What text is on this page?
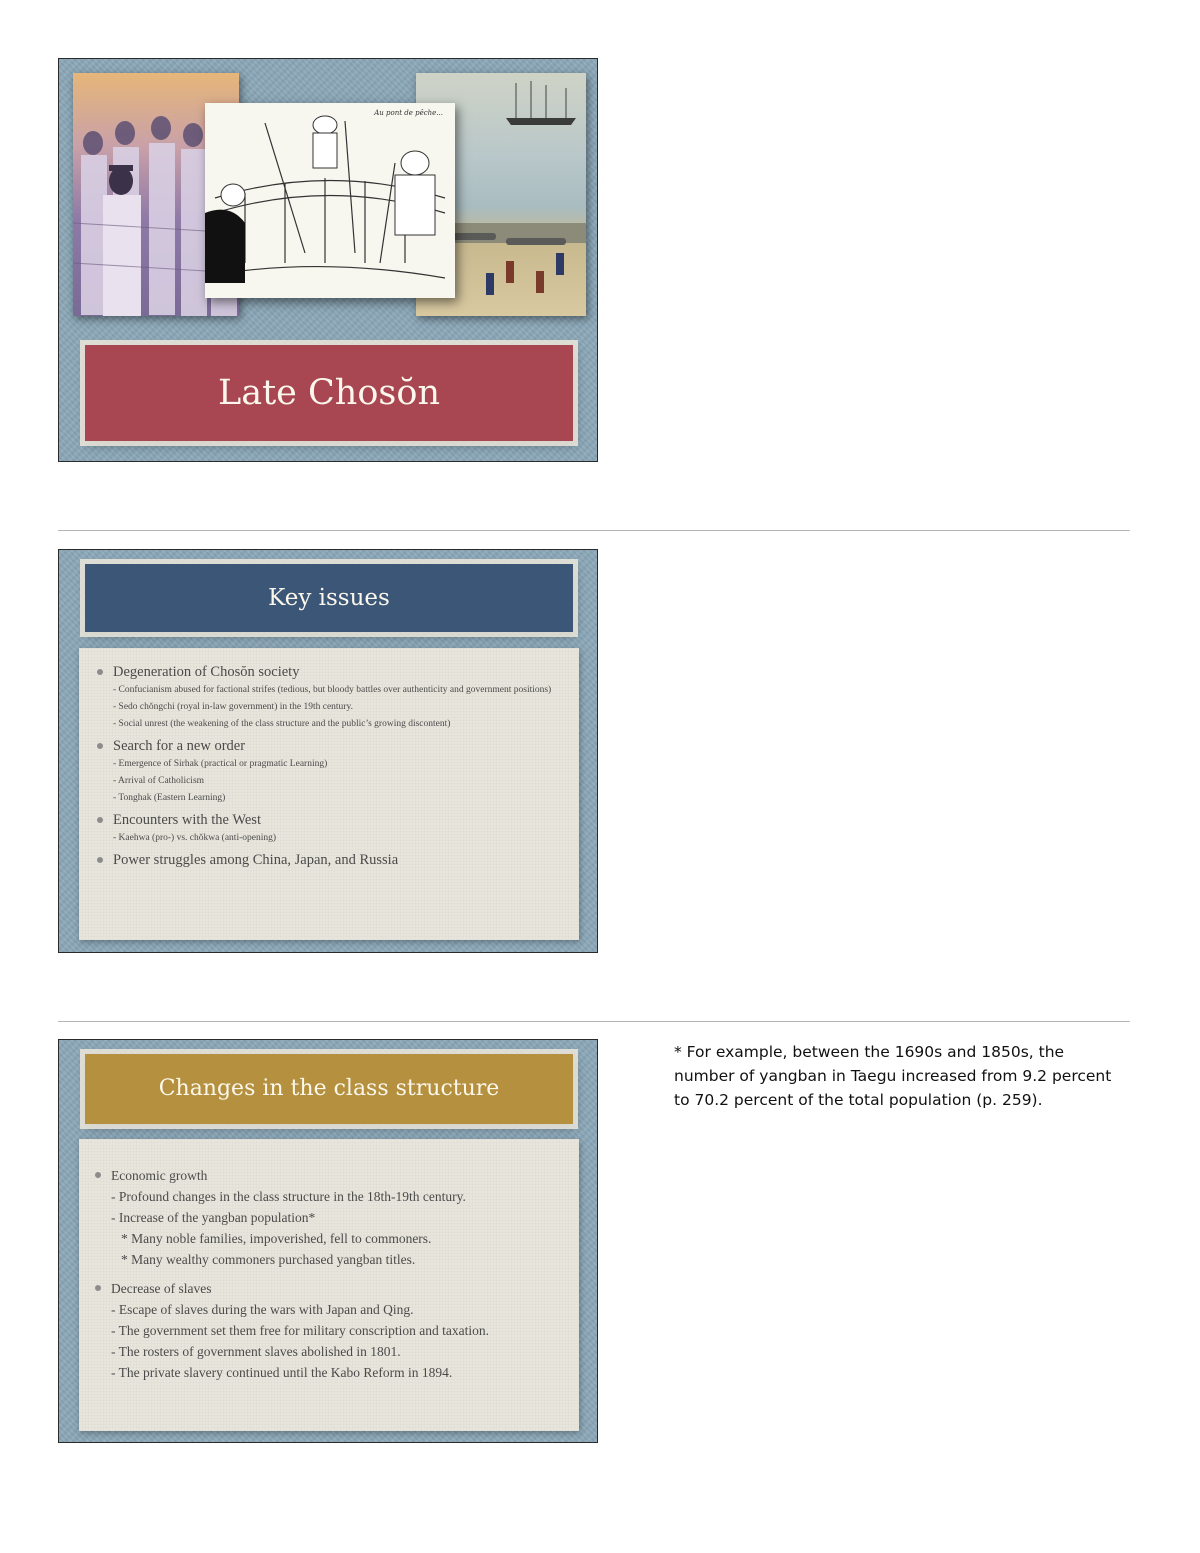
Au pont de pêche...
Late Chosŏn
Key issues
Degeneration of Chosŏn society
- Confucianism abused for factional strifes (tedious, but bloody battles over authenticity and government positions)
- Sedo chŏngchi (royal in-law government) in the 19th century.
- Social unrest (the weakening of the class structure and the public’s growing discontent)
Search for a new order
- Emergence of Sirhak (practical or pragmatic Learning)
- Arrival of Catholicism
- Tonghak (Eastern Learning)
Encounters with the West
- Kaehwa (pro-) vs. chŏkwa (anti-opening)
Power struggles among China, Japan, and Russia
Changes in the class structure
Economic growth
- Profound changes in the class structure in the 18th-19th century.
- Increase of the yangban population*
* Many noble families, impoverished, fell to commoners.
* Many wealthy commoners purchased yangban titles.
Decrease of slaves
- Escape of slaves during the wars with Japan and Qing.
- The government set them free for military conscription and taxation.
- The rosters of government slaves abolished in 1801.
- The private slavery continued until the Kabo Reform in 1894.
* For example, between the 1690s and 1850s, the number of yangban in Taegu increased from 9.2 percent to 70.2 percent of the total population (p. 259).
